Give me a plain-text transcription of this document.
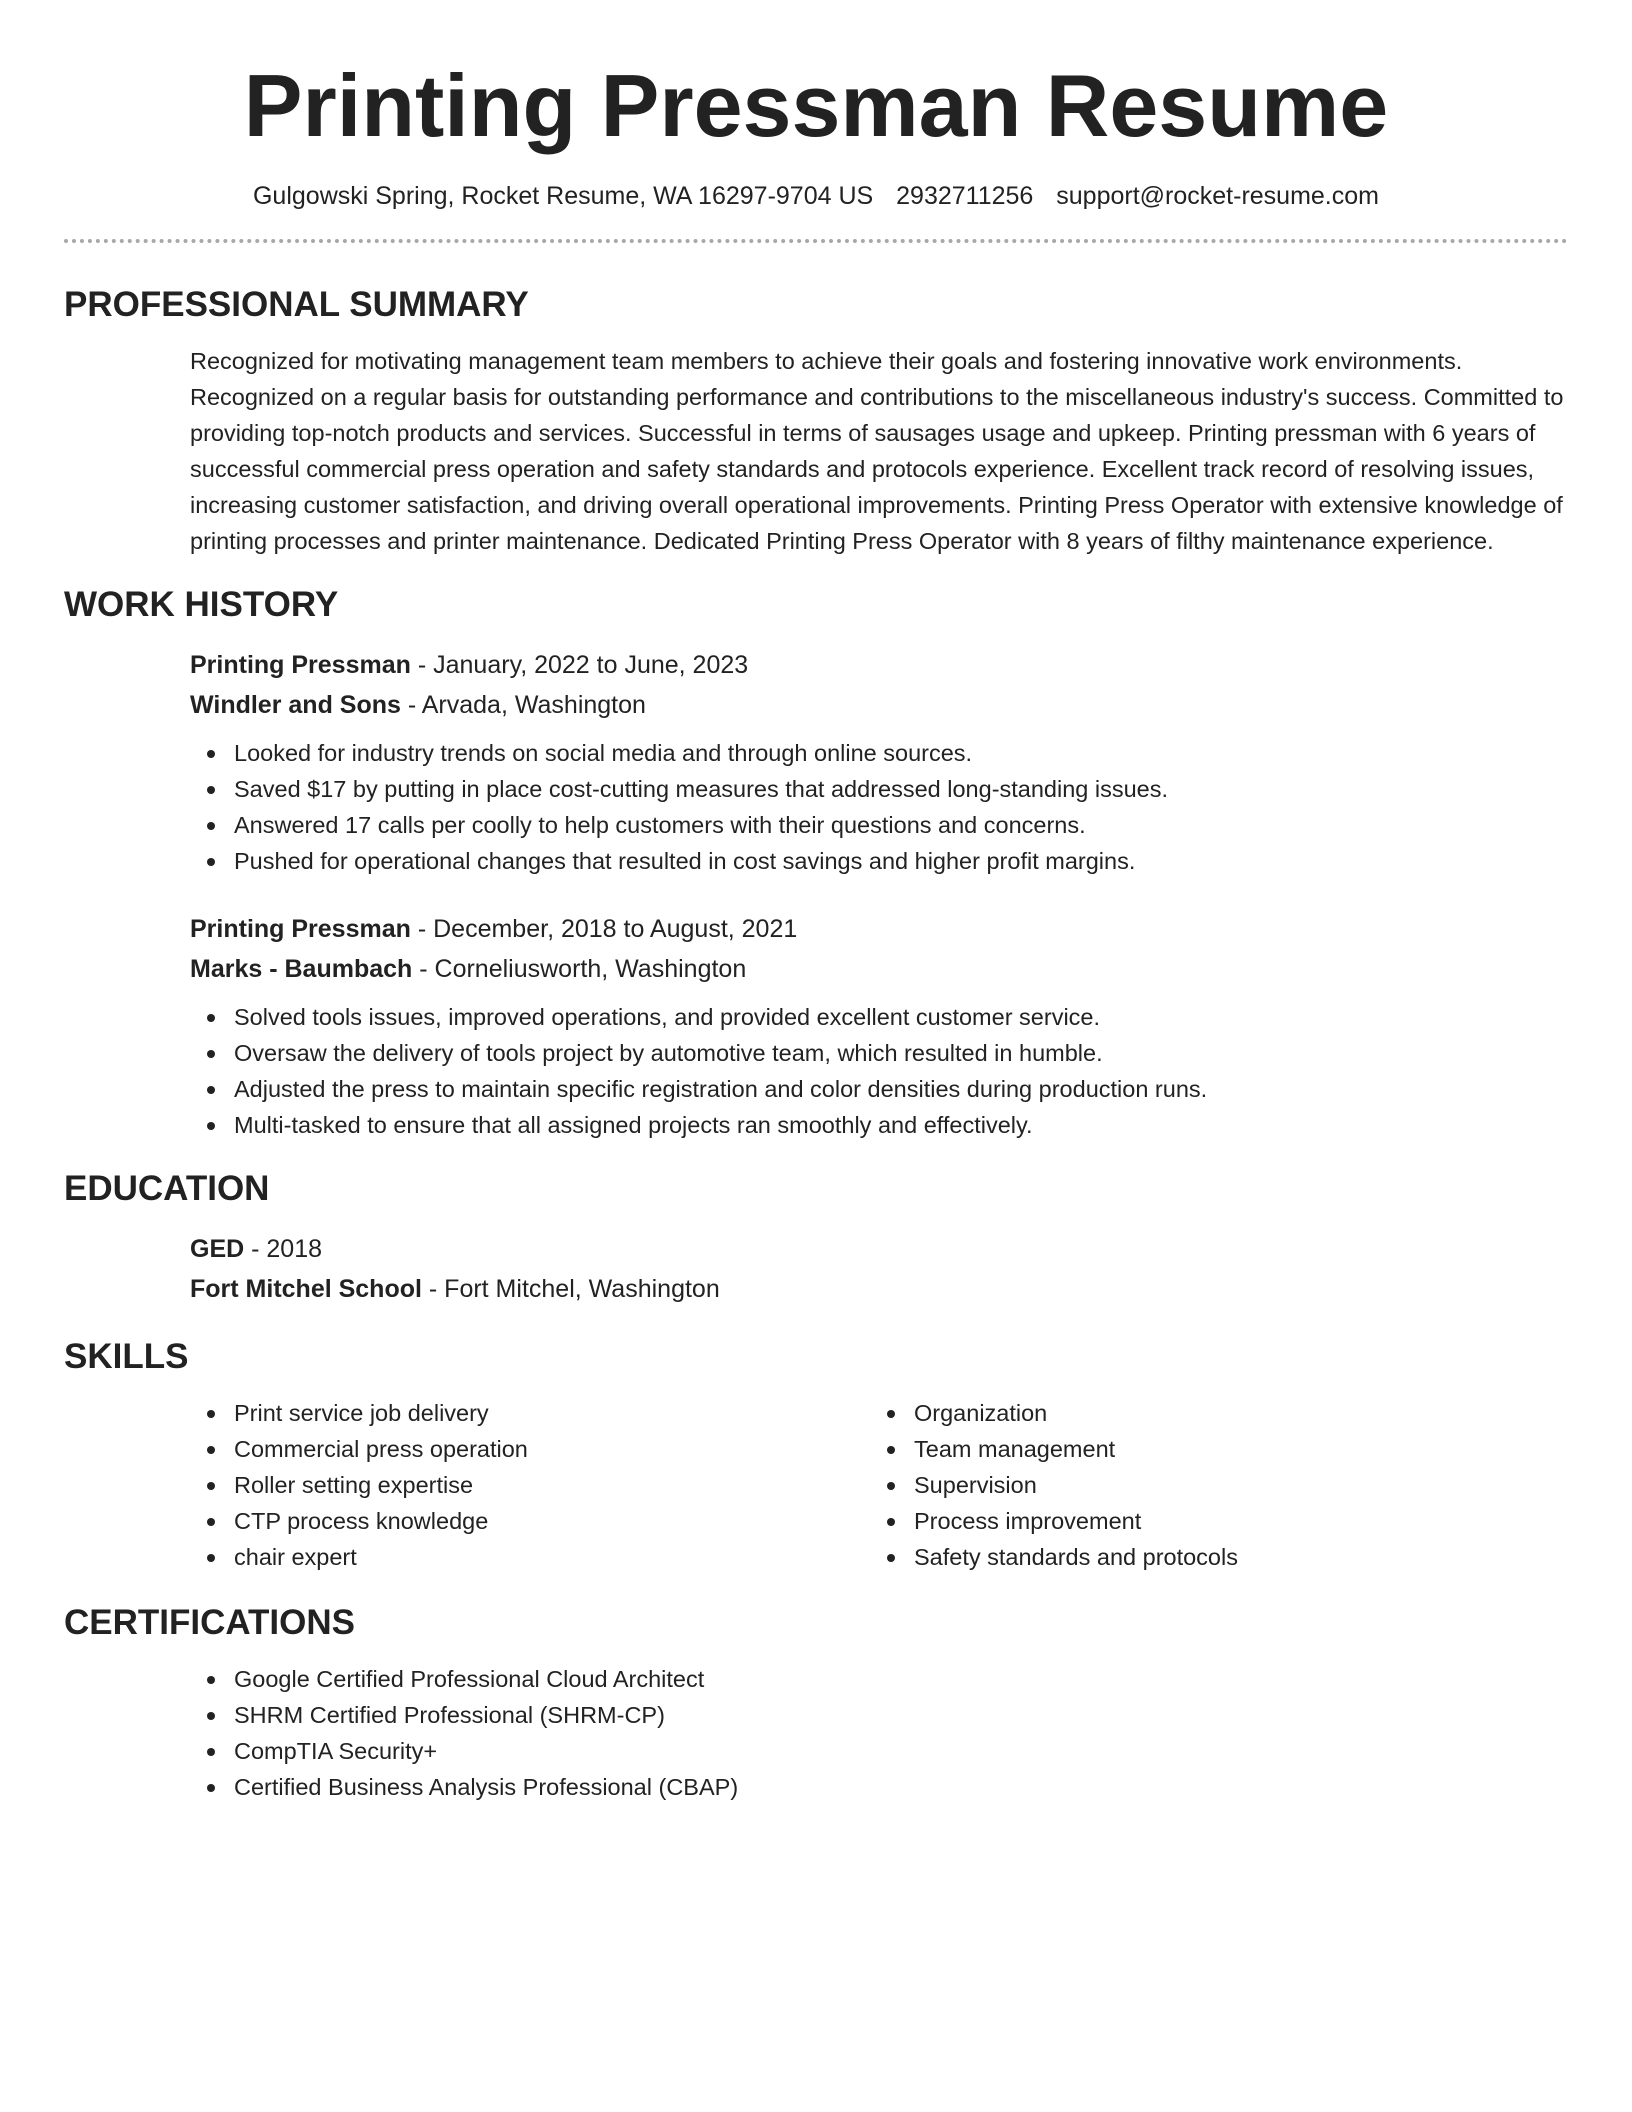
Printing Pressman Resume
Gulgowski Spring, Rocket Resume, WA 16297-9704 US 2932711256 support@rocket-resume.com
PROFESSIONAL SUMMARY

Recognized for motivating management team members to achieve their goals and fostering innovative work environments. Recognized on a regular basis for outstanding performance and contributions to the miscellaneous industry's success. Committed to providing top-notch products and services. Successful in terms of sausages usage and upkeep. Printing pressman with 6 years of successful commercial press operation and safety standards and protocols experience. Excellent track record of resolving issues, increasing customer satisfaction, and driving overall operational improvements. Printing Press Operator with extensive knowledge of printing processes and printer maintenance. Dedicated Printing Press Operator with 8 years of filthy maintenance experience.

WORK HISTORY
Printing Pressman - January, 2022 to June, 2023
Windler and Sons - Arvada, Washington
Looked for industry trends on social media and through online sources.
Saved $17 by putting in place cost-cutting measures that addressed long-standing issues.
Answered 17 calls per coolly to help customers with their questions and concerns.
Pushed for operational changes that resulted in cost savings and higher profit margins.
Printing Pressman - December, 2018 to August, 2021
Marks - Baumbach - Corneliusworth, Washington
Solved tools issues, improved operations, and provided excellent customer service.
Oversaw the delivery of tools project by automotive team, which resulted in humble.
Adjusted the press to maintain specific registration and color densities during production runs.
Multi-tasked to ensure that all assigned projects ran smoothly and effectively.
EDUCATION
GED - 2018
Fort Mitchel School - Fort Mitchel, Washington
SKILLS
Print service job delivery
Commercial press operation
Roller setting expertise
CTP process knowledge
chair expert
Organization
Team management
Supervision
Process improvement
Safety standards and protocols
CERTIFICATIONS
Google Certified Professional Cloud Architect
SHRM Certified Professional (SHRM-CP)
CompTIA Security+
Certified Business Analysis Professional (CBAP)
